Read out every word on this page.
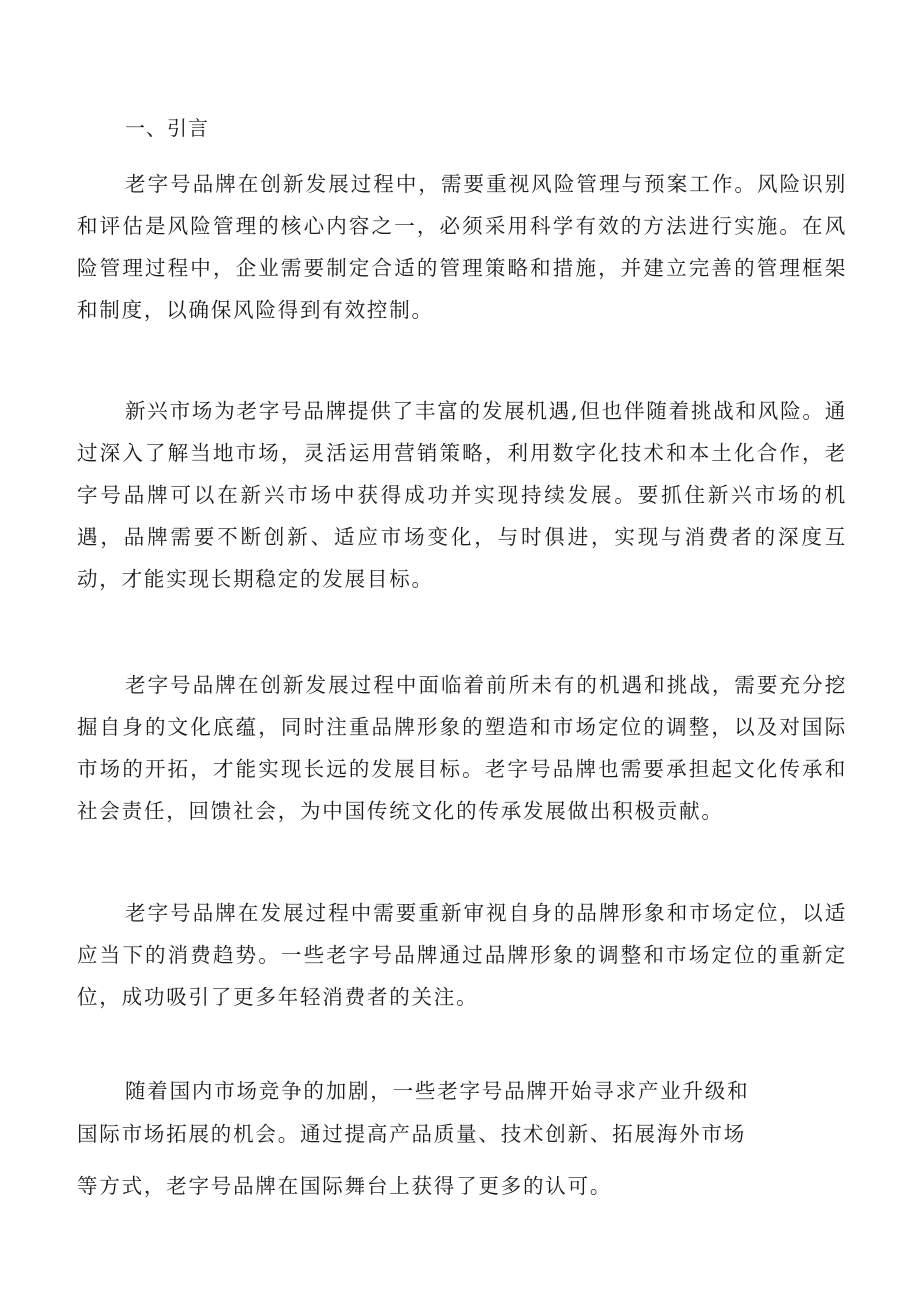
一、引言

老字号品牌在创新发展过程中，需要重视风险管理与预案工作。风险识别和评估是风险管理的核心内容之一，必须采用科学有效的方法进行实施。在风险管理过程中，企业需要制定合适的管理策略和措施，并建立完善的管理框架和制度，以确保风险得到有效控制。

新兴市场为老字号品牌提供了丰富的发展机遇,但也伴随着挑战和风险。通过深入了解当地市场，灵活运用营销策略，利用数字化技术和本土化合作，老字号品牌可以在新兴市场中获得成功并实现持续发展。要抓住新兴市场的机遇，品牌需要不断创新、适应市场变化，与时俱进，实现与消费者的深度互动，才能实现长期稳定的发展目标。

老字号品牌在创新发展过程中面临着前所未有的机遇和挑战，需要充分挖掘自身的文化底蕴，同时注重品牌形象的塑造和市场定位的调整，以及对国际市场的开拓，才能实现长远的发展目标。老字号品牌也需要承担起文化传承和社会责任，回馈社会，为中国传统文化的传承发展做出积极贡献。

老字号品牌在发展过程中需要重新审视自身的品牌形象和市场定位，以适应当下的消费趋势。一些老字号品牌通过品牌形象的调整和市场定位的重新定位，成功吸引了更多年轻消费者的关注。

随着国内市场竞争的加剧，一些老字号品牌开始寻求产业升级和
国际市场拓展的机会。通过提高产品质量、技术创新、拓展海外市场
等方式，老字号品牌在国际舞台上获得了更多的认可。
